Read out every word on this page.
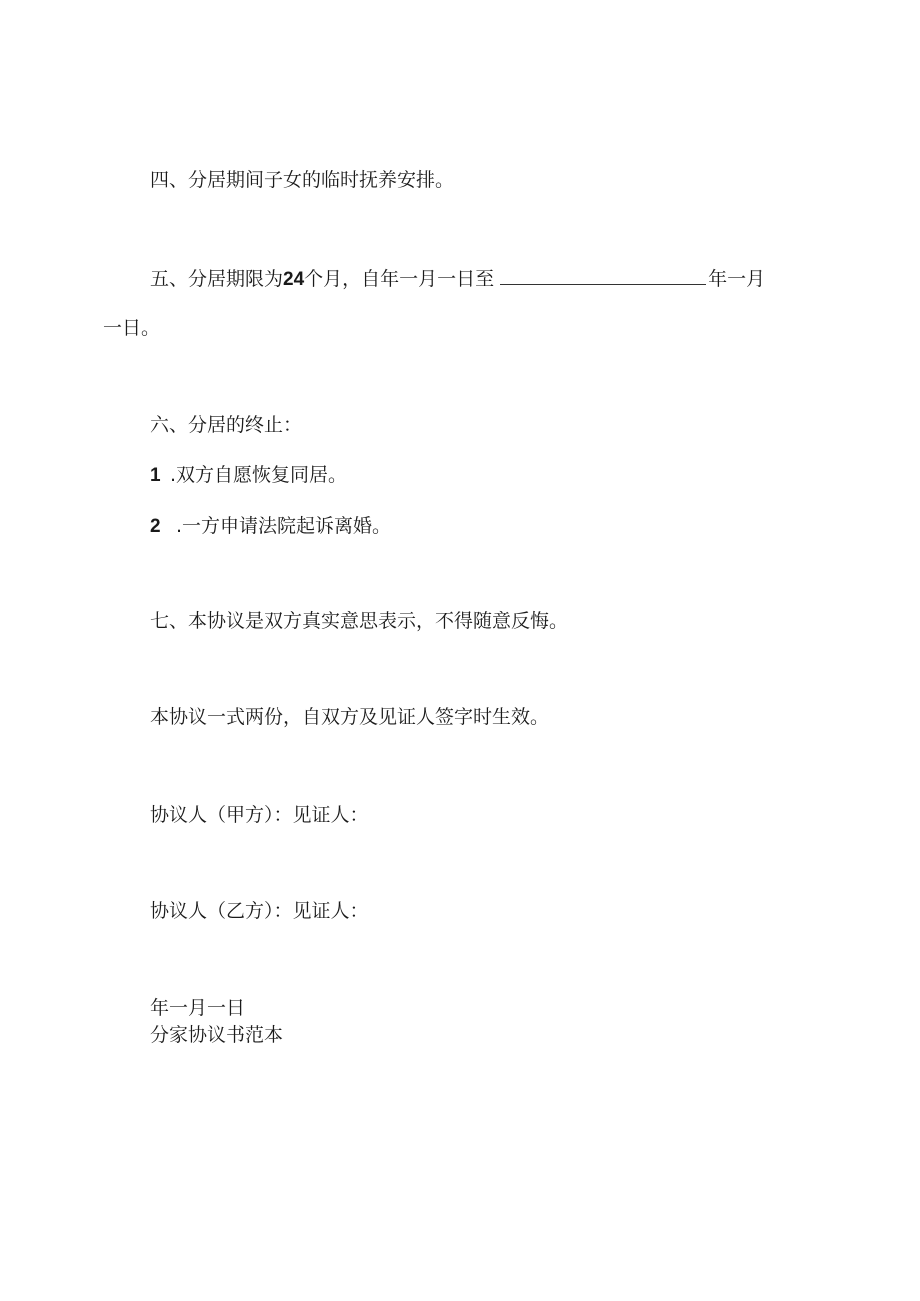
四、分居期间子女的临时抚养安排。
五、分居期限为24个月，自年一月一日至	年一月
一日。
六、分居的终止：
1 .双方自愿恢复同居。
2 .一方申请法院起诉离婚。
七、本协议是双方真实意思表示，不得随意反悔。
本协议一式两份，自双方及见证人签字时生效。
协议人（甲方）：见证人：
协议人（乙方）：见证人：
年一月一日
分家协议书范本
